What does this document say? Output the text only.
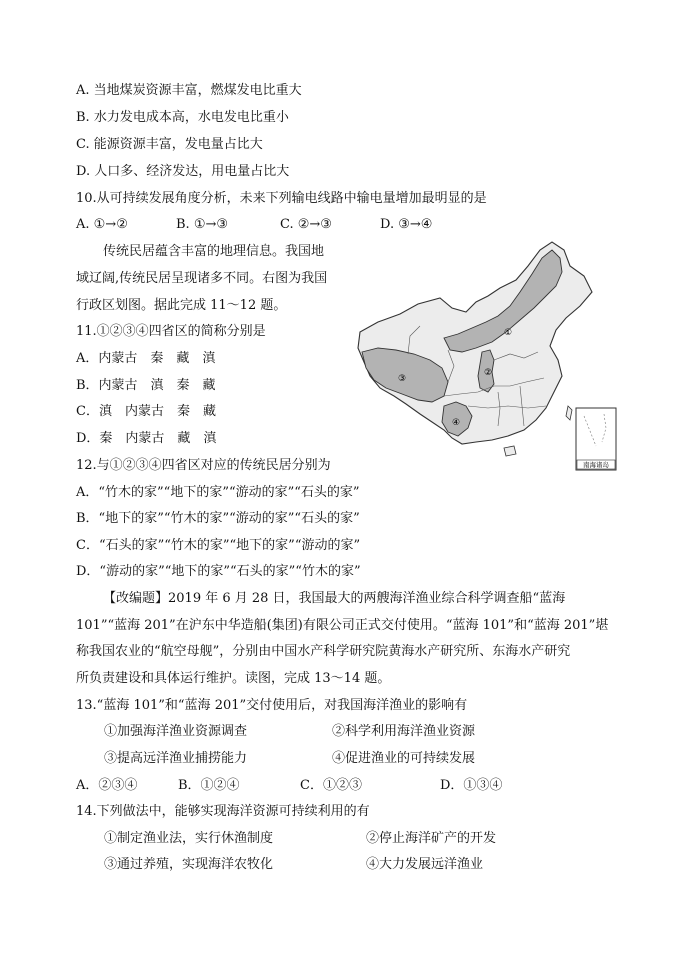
A. 当地煤炭资源丰富，燃煤发电比重大
B. 水力发电成本高，水电发电比重小
C. 能源资源丰富，发电量占比大
D. 人口多、经济发达，用电量占比大
10.从可持续发展角度分析，未来下列输电线路中输电量增加最明显的是
A. ①→②	B. ①→③	C. ②→③	D. ③→④
传统民居蕴含丰富的地理信息。我国地
域辽阔,传统民居呈现诸多不同。右图为我国
行政区划图。据此完成 11～12 题。
11.①②③④四省区的简称分别是
A．内蒙古　秦　藏　滇
B．内蒙古　滇　秦　藏
C．滇　内蒙古　秦　藏
D．秦　内蒙古　藏　滇
①
②
③
④
南海诸岛
12.与①②③④四省区对应的传统民居分别为
A．“竹木的家”“地下的家”“游动的家”“石头的家”
B．“地下的家”“竹木的家”“游动的家”“石头的家”
C．“石头的家”“竹木的家”“地下的家”“游动的家”
D．“游动的家”“地下的家”“石头的家”“竹木的家”
【改编题】2019 年 6 月 28 日，我国最大的两艘海洋渔业综合科学调查船“蓝海
101”“蓝海 201”在沪东中华造船(集团)有限公司正式交付使用。“蓝海 101”和“蓝海 201”堪
称我国农业的“航空母舰”，分别由中国水产科学研究院黄海水产研究所、东海水产研究
所负责建设和具体运行维护。读图，完成 13～14 题。
13.“蓝海 101”和“蓝海 201”交付使用后，对我国海洋渔业的影响有
①加强海洋渔业资源调查	②科学利用海洋渔业资源
③提高远洋渔业捕捞能力	④促进渔业的可持续发展
A．②③④	B．①②④	C．①②③	D．①③④
14.下列做法中，能够实现海洋资源可持续利用的有
①制定渔业法，实行休渔制度	②停止海洋矿产的开发
③通过养殖，实现海洋农牧化	④大力发展远洋渔业
